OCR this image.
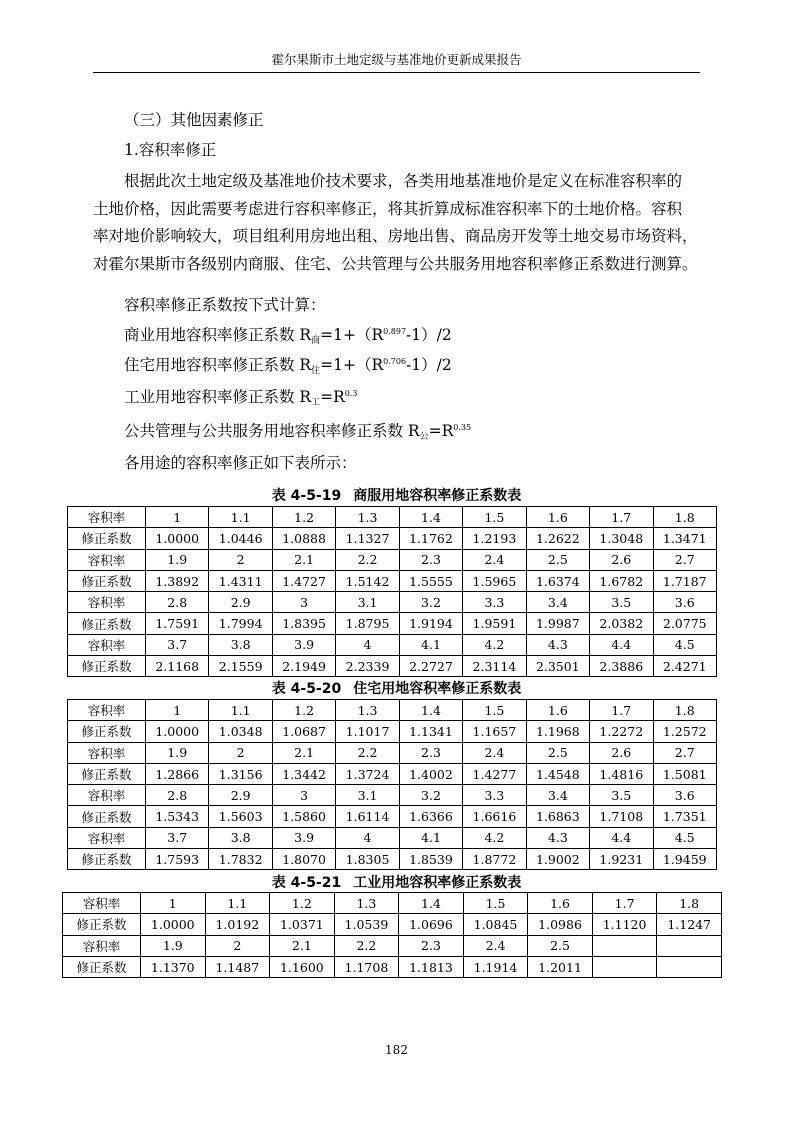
霍尔果斯市土地定级与基准地价更新成果报告
（三）其他因素修正
1.容积率修正
根据此次土地定级及基准地价技术要求，各类用地基准地价是定义在标准容积率的
土地价格，因此需要考虑进行容积率修正，将其折算成标准容积率下的土地价格。容积
率对地价影响较大，项目组利用房地出租、房地出售、商品房开发等土地交易市场资料，
对霍尔果斯市各级别内商服、住宅、公共管理与公共服务用地容积率修正系数进行测算。
容积率修正系数按下式计算：
商业用地容积率修正系数 $R_商=1+(R^{0.897}-1)/2$
住宅用地容积率修正系数 $R_住=1+(R^{0.706}-1)/2$
工业用地容积率修正系数 $R_工=R^{0.3}$
公共管理与公共服务用地容积率修正系数 $R_公=R^{0.35}$
各用途的容积率修正如下表所示：
表 4-5-19 商服用地容积率修正系数表
容积率	1	1.1	1.2	1.3	1.4	1.5	1.6	1.7	1.8
修正系数	1.0000	1.0446	1.0888	1.1327	1.1762	1.2193	1.2622	1.3048	1.3471
容积率	1.9	2	2.1	2.2	2.3	2.4	2.5	2.6	2.7
修正系数	1.3892	1.4311	1.4727	1.5142	1.5555	1.5965	1.6374	1.6782	1.7187
容积率	2.8	2.9	3	3.1	3.2	3.3	3.4	3.5	3.6
修正系数	1.7591	1.7994	1.8395	1.8795	1.9194	1.9591	1.9987	2.0382	2.0775
容积率	3.7	3.8	3.9	4	4.1	4.2	4.3	4.4	4.5
修正系数	2.1168	2.1559	2.1949	2.2339	2.2727	2.3114	2.3501	2.3886	2.4271
表 4-5-20 住宅用地容积率修正系数表
容积率	1	1.1	1.2	1.3	1.4	1.5	1.6	1.7	1.8
修正系数	1.0000	1.0348	1.0687	1.1017	1.1341	1.1657	1.1968	1.2272	1.2572
容积率	1.9	2	2.1	2.2	2.3	2.4	2.5	2.6	2.7
修正系数	1.2866	1.3156	1.3442	1.3724	1.4002	1.4277	1.4548	1.4816	1.5081
容积率	2.8	2.9	3	3.1	3.2	3.3	3.4	3.5	3.6
修正系数	1.5343	1.5603	1.5860	1.6114	1.6366	1.6616	1.6863	1.7108	1.7351
容积率	3.7	3.8	3.9	4	4.1	4.2	4.3	4.4	4.5
修正系数	1.7593	1.7832	1.8070	1.8305	1.8539	1.8772	1.9002	1.9231	1.9459
表 4-5-21 工业用地容积率修正系数表
容积率	1	1.1	1.2	1.3	1.4	1.5	1.6	1.7	1.8
修正系数	1.0000	1.0192	1.0371	1.0539	1.0696	1.0845	1.0986	1.1120	1.1247
容积率	1.9	2	2.1	2.2	2.3	2.4	2.5		
修正系数	1.1370	1.1487	1.1600	1.1708	1.1813	1.1914	1.2011		
182
